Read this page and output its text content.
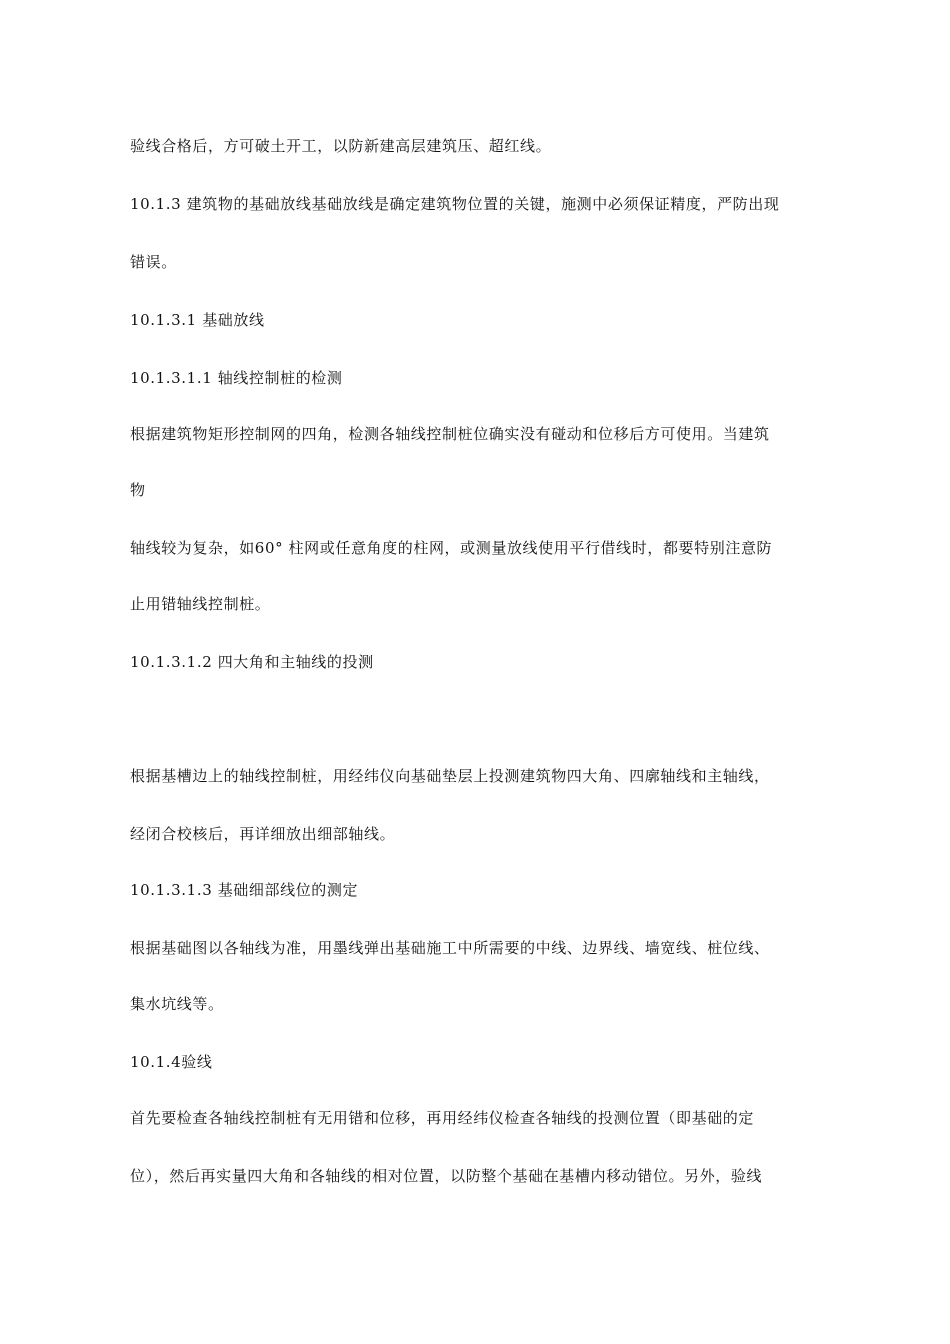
验线合格后，方可破土开工，以防新建高层建筑压、超红线。
10.1.3 建筑物的基础放线基础放线是确定建筑物位置的关键，施测中必须保证精度，严防出现
错误。
10.1.3.1 基础放线
10.1.3.1.1 轴线控制桩的检测
根据建筑物矩形控制网的四角，检测各轴线控制桩位确实没有碰动和位移后方可使用。当建筑
物
轴线较为复杂，如60° 柱网或任意角度的柱网，或测量放线使用平行借线时，都要特别注意防
止用错轴线控制桩。
10.1.3.1.2 四大角和主轴线的投测
根据基槽边上的轴线控制桩，用经纬仪向基础垫层上投测建筑物四大角、四廓轴线和主轴线，
经闭合校核后，再详细放出细部轴线。
10.1.3.1.3 基础细部线位的测定
根据基础图以各轴线为准，用墨线弹出基础施工中所需要的中线、边界线、墙宽线、桩位线、
集水坑线等。
10.1.4验线
首先要检查各轴线控制桩有无用错和位移，再用经纬仪检查各轴线的投测位置（即基础的定
位），然后再实量四大角和各轴线的相对位置，以防整个基础在基槽内移动错位。另外，验线
